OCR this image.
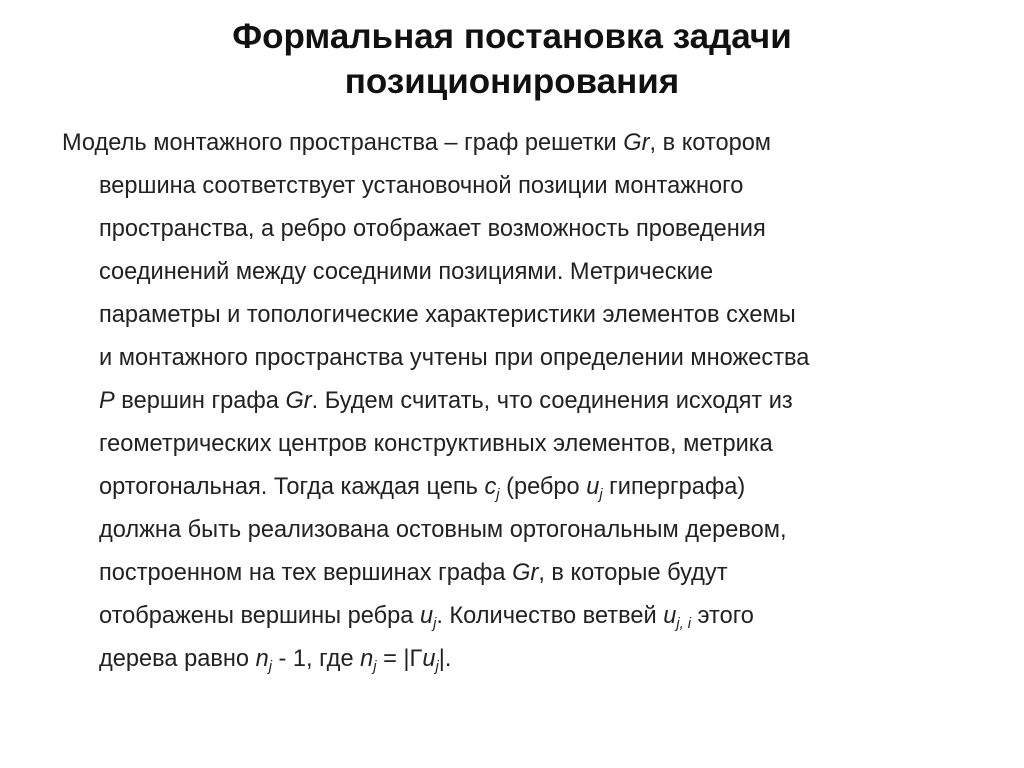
Формальная постановка задачи
позиционирования
Модель монтажного пространства – граф решетки Gr, в котором
вершина соответствует установочной позиции монтажного
пространства, а ребро отображает возможность проведения
соединений между соседними позициями. Метрические
параметры и топологические характеристики элементов схемы
и монтажного пространства учтены при определении множества
P вершин графа Gr. Будем считать, что соединения исходят из
геометрических центров конструктивных элементов, метрика
ортогональная. Тогда каждая цепь $c_j$ (ребро $u_j$ гиперграфа)
должна быть реализована остовным ортогональным деревом,
построенном на тех вершинах графа Gr, в которые будут
отображены вершины ребра $u_j$. Количество ветвей $u_{j, i}$ этого
дерева равно $n_j - 1$, где $n_j = |Гu_j|$.
